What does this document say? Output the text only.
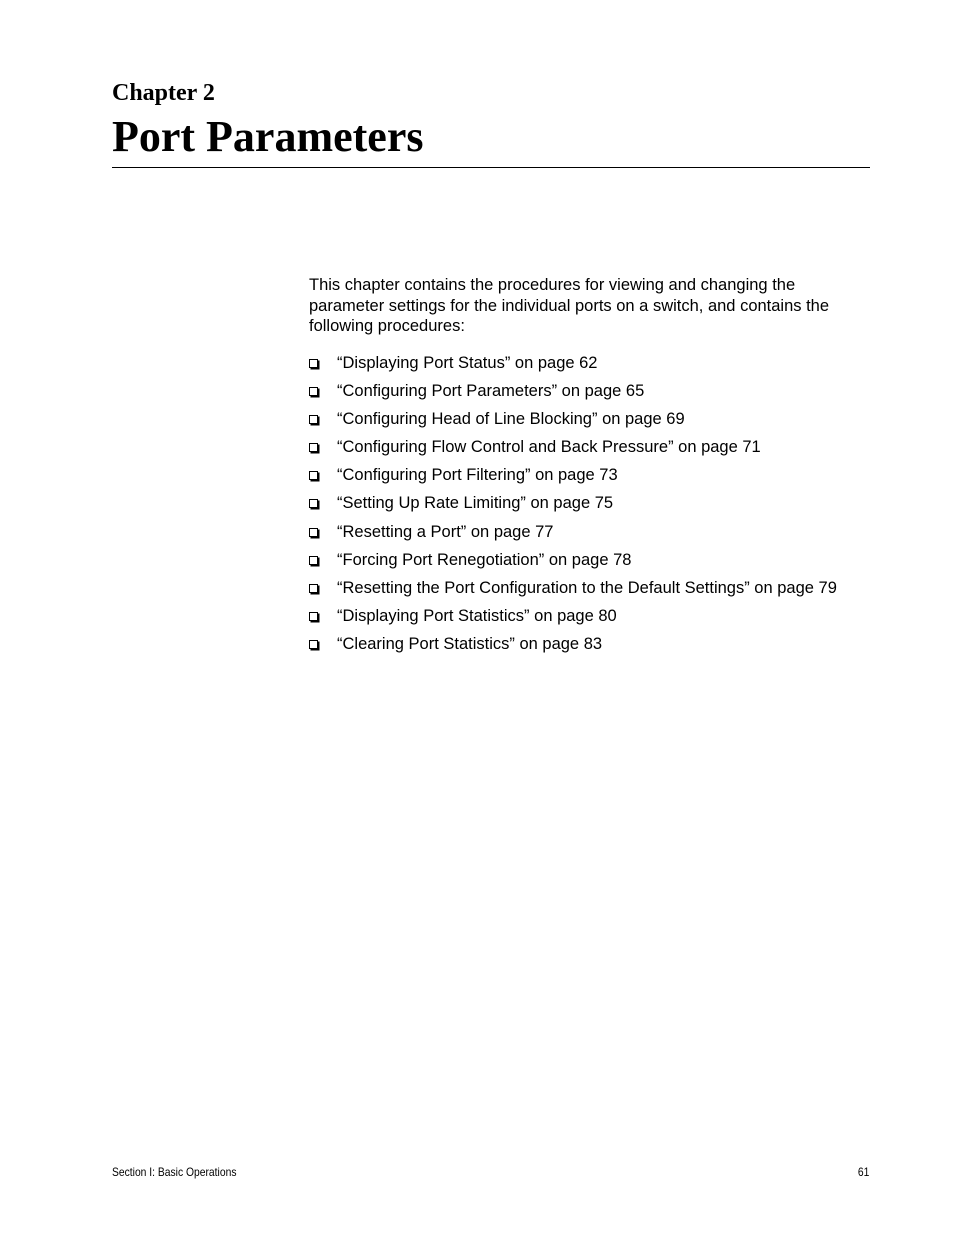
Chapter 2
Port Parameters

This chapter contains the procedures for viewing and changing the parameter settings for the individual ports on a switch, and contains the following procedures:

“Displaying Port Status” on page 62
“Configuring Port Parameters” on page 65
“Configuring Head of Line Blocking” on page 69
“Configuring Flow Control and Back Pressure” on page 71
“Configuring Port Filtering” on page 73
“Setting Up Rate Limiting” on page 75
“Resetting a Port” on page 77
“Forcing Port Renegotiation” on page 78
“Resetting the Port Configuration to the Default Settings” on page 79
“Displaying Port Statistics” on page 80
“Clearing Port Statistics” on page 83
Section I: Basic Operations	61
